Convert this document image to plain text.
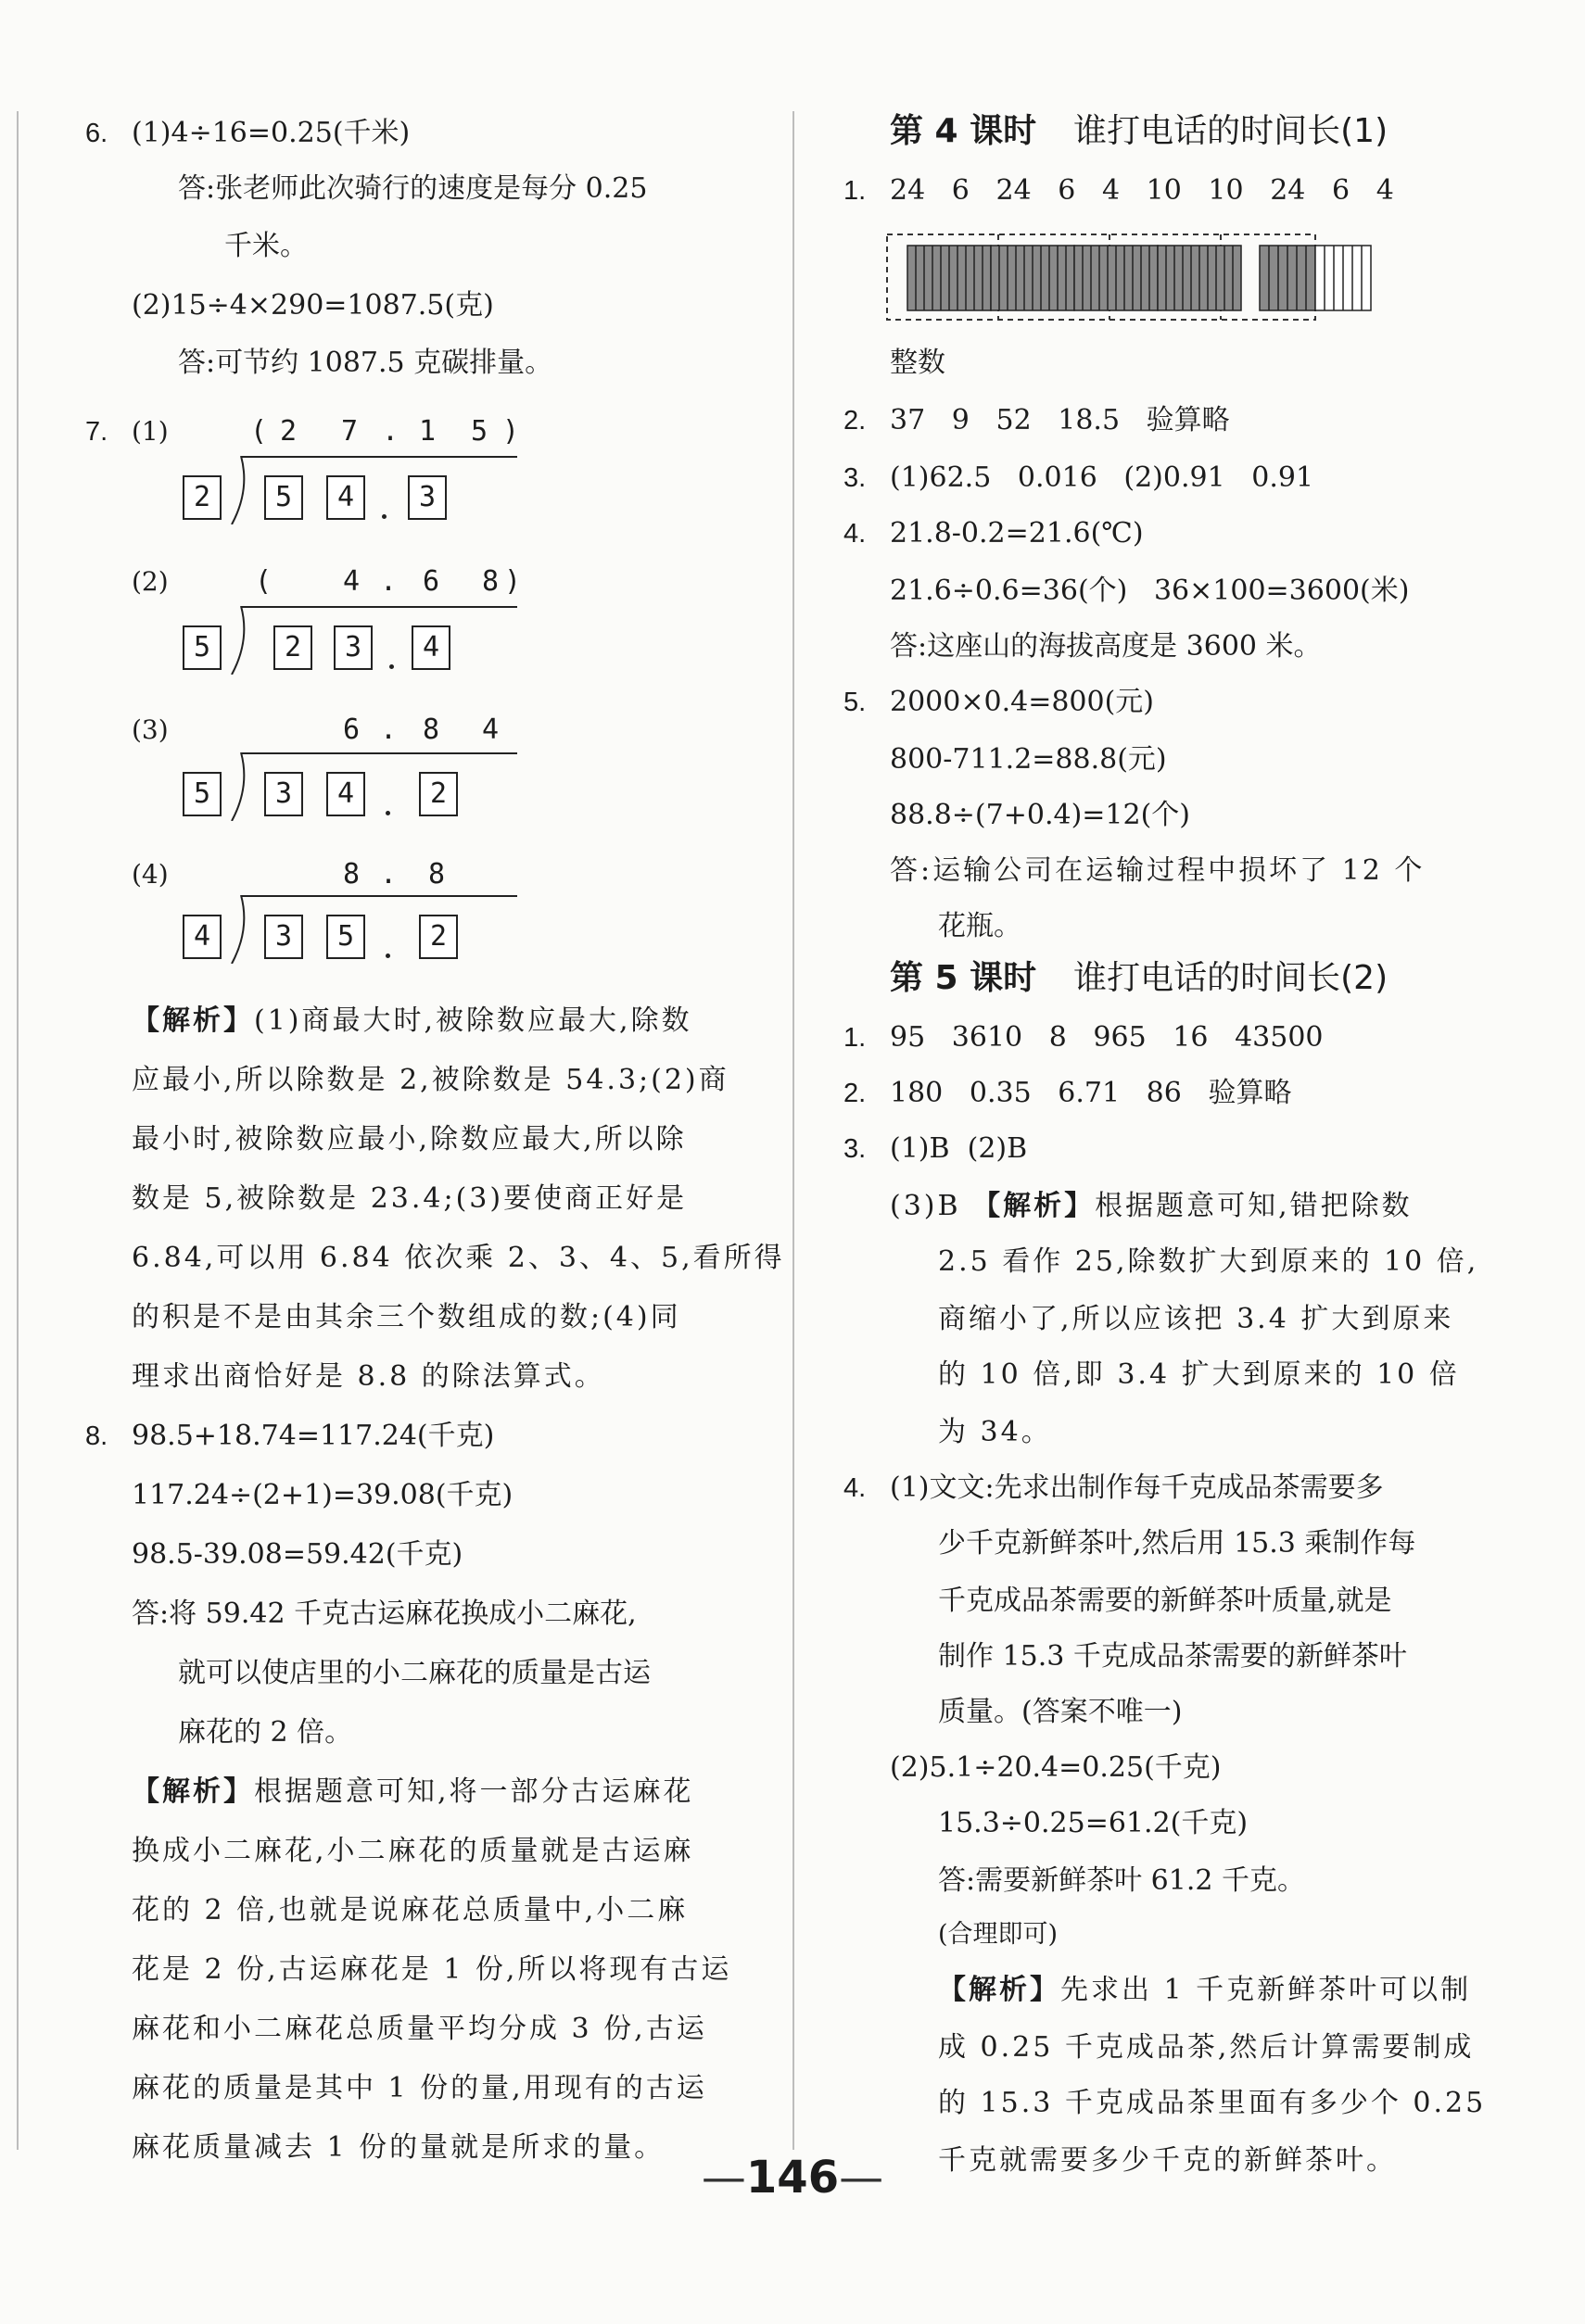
6. (1)4÷16=0.25(千米)
答:张老师此次骑行的速度是每分 0.25
千米。
(2)15÷4×290=1087.5(克)
答:可节约 1087.5 克碳排量。
7. (1)	( 2 7 . 1 5 )
2	5	4	3
(2)	(	4 . 6 8 )
5	2	3	4
(3)	6 . 8 4
5	3	4	2
(4)	8 . 8
4	3	5	2
【解析】(1)商最大时,被除数应最大,除数
应最小,所以除数是 2,被除数是 54.3;(2)商
最小时,被除数应最小,除数应最大,所以除
数是 5,被除数是 23.4;(3)要使商正好是
6.84,可以用 6.84 依次乘 2、3、4、5,看所得
的积是不是由其余三个数组成的数;(4)同
理求出商恰好是 8.8 的除法算式。
8. 98.5+18.74=117.24(千克)
117.24÷(2+1)=39.08(千克)
98.5-39.08=59.42(千克)
答:将 59.42 千克古运麻花换成小二麻花,
就可以使店里的小二麻花的质量是古运
麻花的 2 倍。
【解析】根据题意可知,将一部分古运麻花
换成小二麻花,小二麻花的质量就是古运麻
花的 2 倍,也就是说麻花总质量中,小二麻
花是 2 份,古运麻花是 1 份,所以将现有古运
麻花和小二麻花总质量平均分成 3 份,古运
麻花的质量是其中 1 份的量,用现有的古运
麻花质量减去 1 份的量就是所求的量。
第 4 课时 谁打电话的时间长(1)
1. 24   6   24   6   4   10   10   24   6   4
整数
2. 37   9   52   18.5   验算略
3. (1)62.5   0.016   (2)0.91   0.91
4. 21.8-0.2=21.6(℃)
21.6÷0.6=36(个)   36×100=3600(米)
答:这座山的海拔高度是 3600 米。
5. 2000×0.4=800(元)
800-711.2=88.8(元)
88.8÷(7+0.4)=12(个)
答:运输公司在运输过程中损坏了 12 个
花瓶。
第 5 课时 谁打电话的时间长(2)
1. 95   3610   8   965   16   43500
2. 180   0.35   6.71   86   验算略
3. (1)B  (2)B
(3)B 【解析】根据题意可知,错把除数
2.5 看作 25,除数扩大到原来的 10 倍,
商缩小了,所以应该把 3.4 扩大到原来
的 10 倍,即 3.4 扩大到原来的 10 倍
为 34。
4. (1)文文:先求出制作每千克成品茶需要多
少千克新鲜茶叶,然后用 15.3 乘制作每
千克成品茶需要的新鲜茶叶质量,就是
制作 15.3 千克成品茶需要的新鲜茶叶
质量。(答案不唯一)
(2)5.1÷20.4=0.25(千克)
15.3÷0.25=61.2(千克)
答:需要新鲜茶叶 61.2 千克。
(合理即可)
【解析】先求出 1 千克新鲜茶叶可以制
成 0.25 千克成品茶,然后计算需要制成
的 15.3 千克成品茶里面有多少个 0.25
千克就需要多少千克的新鲜茶叶。
—146—
